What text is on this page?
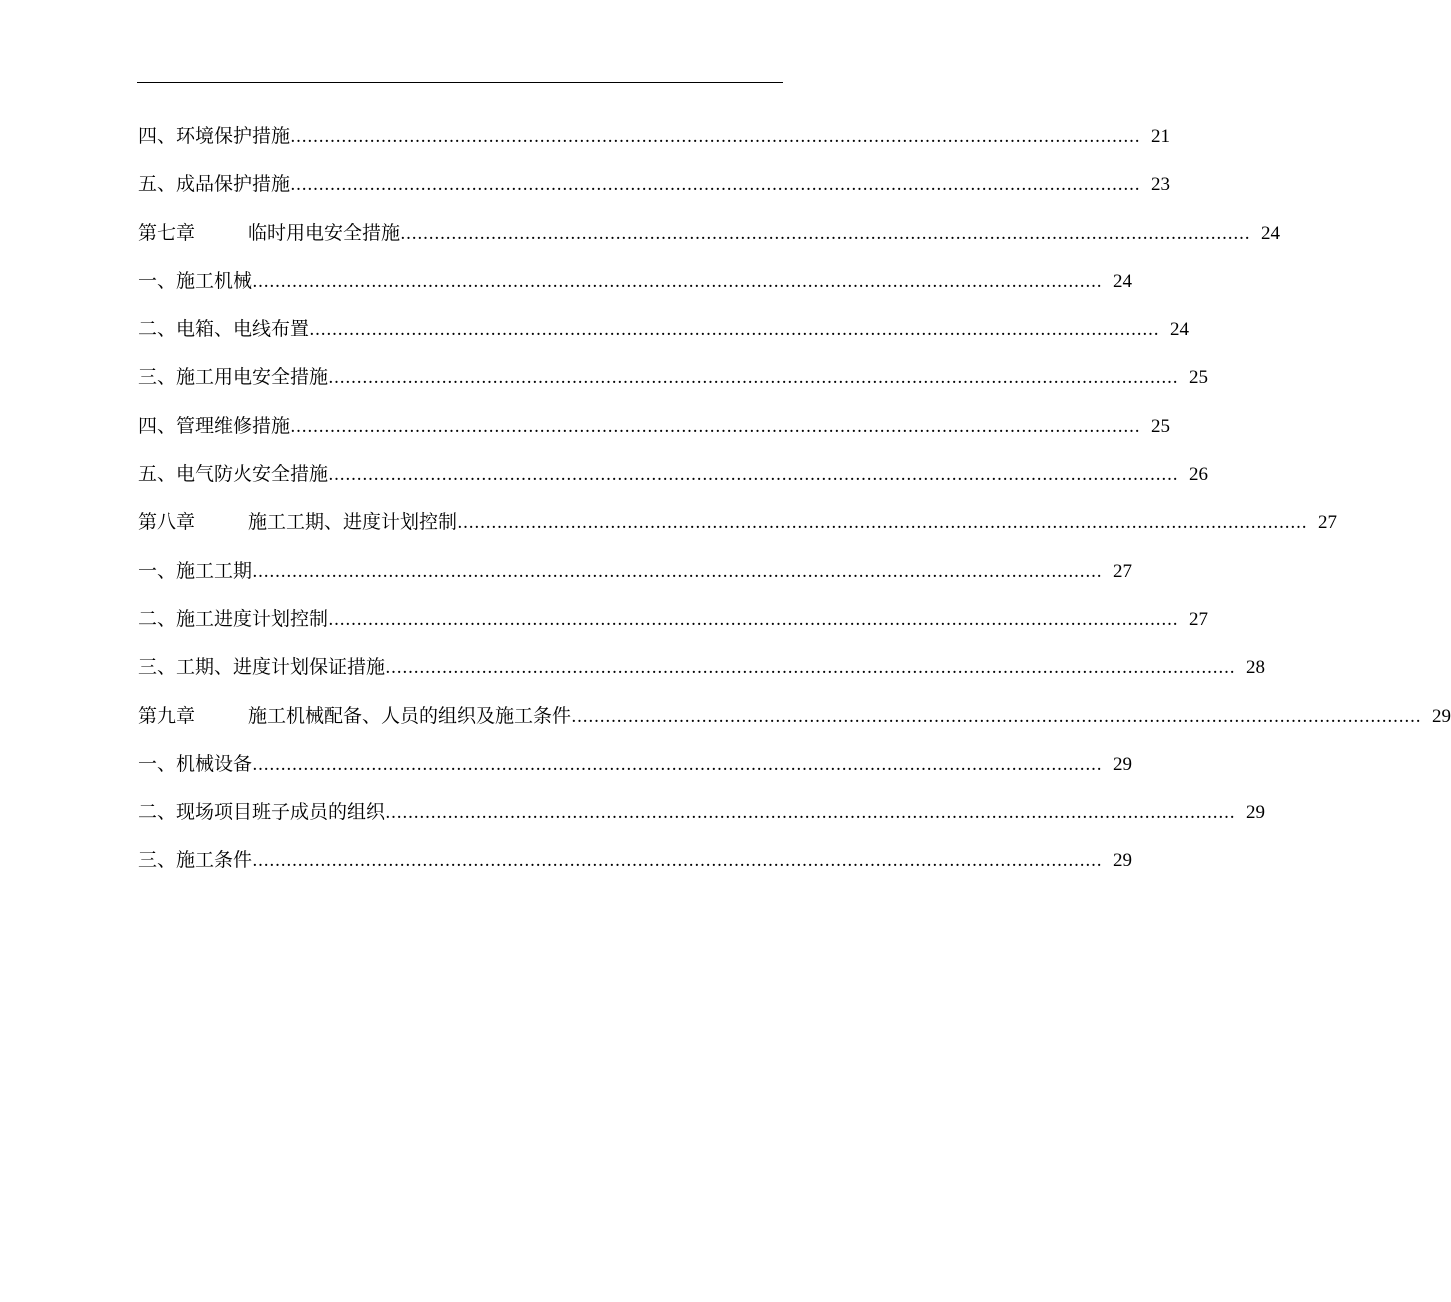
四、环境保护措施 …………………………………………………………………………………………………………………………………… 21
五、成品保护措施 …………………………………………………………………………………………………………………………………… 23
第七章	临时用电安全措施 …………………………………………………………………………………………………………………………………… 24
一、施工机械 …………………………………………………………………………………………………………………………………… 24
二、电箱、电线布置 …………………………………………………………………………………………………………………………………… 24
三、施工用电安全措施 …………………………………………………………………………………………………………………………………… 25
四、管理维修措施 …………………………………………………………………………………………………………………………………… 25
五、电气防火安全措施 …………………………………………………………………………………………………………………………………… 26
第八章	施工工期、进度计划控制 …………………………………………………………………………………………………………………………………… 27
一、施工工期 …………………………………………………………………………………………………………………………………… 27
二、施工进度计划控制 …………………………………………………………………………………………………………………………………… 27
三、工期、进度计划保证措施 …………………………………………………………………………………………………………………………………… 28
第九章	施工机械配备、人员的组织及施工条件 …………………………………………………………………………………………………………………………………… 29
一、机械设备 …………………………………………………………………………………………………………………………………… 29
二、现场项目班子成员的组织 …………………………………………………………………………………………………………………………………… 29
三、施工条件 …………………………………………………………………………………………………………………………………… 29
